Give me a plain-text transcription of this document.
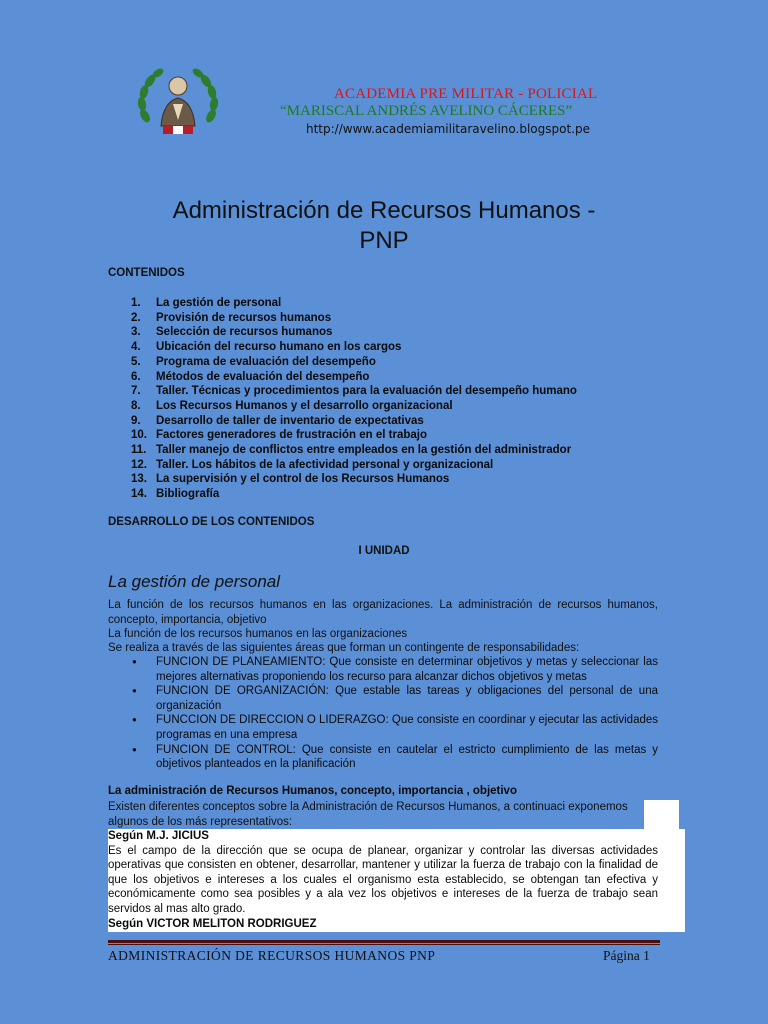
ACADEMIA PRE MILITAR - POLICIAL
“MARISCAL ANDRÉS AVELINO CÁCERES”
http://www.academiamilitaravelino.blogspot.pe
Administración de Recursos Humanos -
PNP
CONTENIDOS
1. La gestión de personal
2. Provisión de recursos humanos
3. Selección de recursos humanos
4. Ubicación del recurso humano en los cargos
5. Programa de evaluación del desempeño
6. Métodos de evaluación del desempeño
7. Taller. Técnicas y procedimientos para la evaluación del desempeño humano
8. Los Recursos Humanos y el desarrollo organizacional
9. Desarrollo de taller de inventario de expectativas
10. Factores generadores de frustración en el trabajo
11. Taller manejo de conflictos entre empleados en la gestión del administrador
12. Taller. Los hábitos de la afectividad personal y organizacional
13. La supervisión y el control de los Recursos Humanos
14. Bibliografía
DESARROLLO DE LOS CONTENIDOS
I UNIDAD
La gestión de personal
La función de los recursos humanos en las organizaciones. La administración de recursos humanos, concepto, importancia, objetivo
La función de los recursos humanos en las organizaciones
Se realiza a través de las siguientes áreas que forman un contingente de responsabilidades:
● FUNCION DE PLANEAMIENTO: Que consiste en determinar objetivos y metas y seleccionar las mejores alternativas proponiendo los recurso para alcanzar dichos objetivos y metas
● FUNCION DE ORGANIZACIÓN: Que estable las tareas y obligaciones del personal de una organización
● FUNCCION DE DIRECCION O LIDERAZGO: Que consiste en coordinar y ejecutar las actividades programas en una empresa
● FUNCION DE CONTROL: Que consiste en cautelar el estricto cumplimiento de las metas y objetivos planteados en la planificación
La administración de Recursos Humanos, concepto, importancia , objetivo
Existen diferentes conceptos sobre la Administración de Recursos Humanos, a continuaci exponemos algunos de los más representativos:
Según M.J. JICIUS
Es el campo de la dirección que se ocupa de planear, organizar y controlar las diversas actividades operativas que consisten en obtener, desarrollar, mantener y utilizar la fuerza de trabajo con la finalidad de que los objetivos e intereses a los cuales el organismo esta establecido, se obtengan tan efectiva y económicamente como sea posibles y a ala vez los objetivos e intereses de la fuerza de trabajo sean servidos al mas alto grado.
Según VICTOR MELITON RODRIGUEZ
ADMINISTRACIÓN DE RECURSOS HUMANOS PNP	Página 1
